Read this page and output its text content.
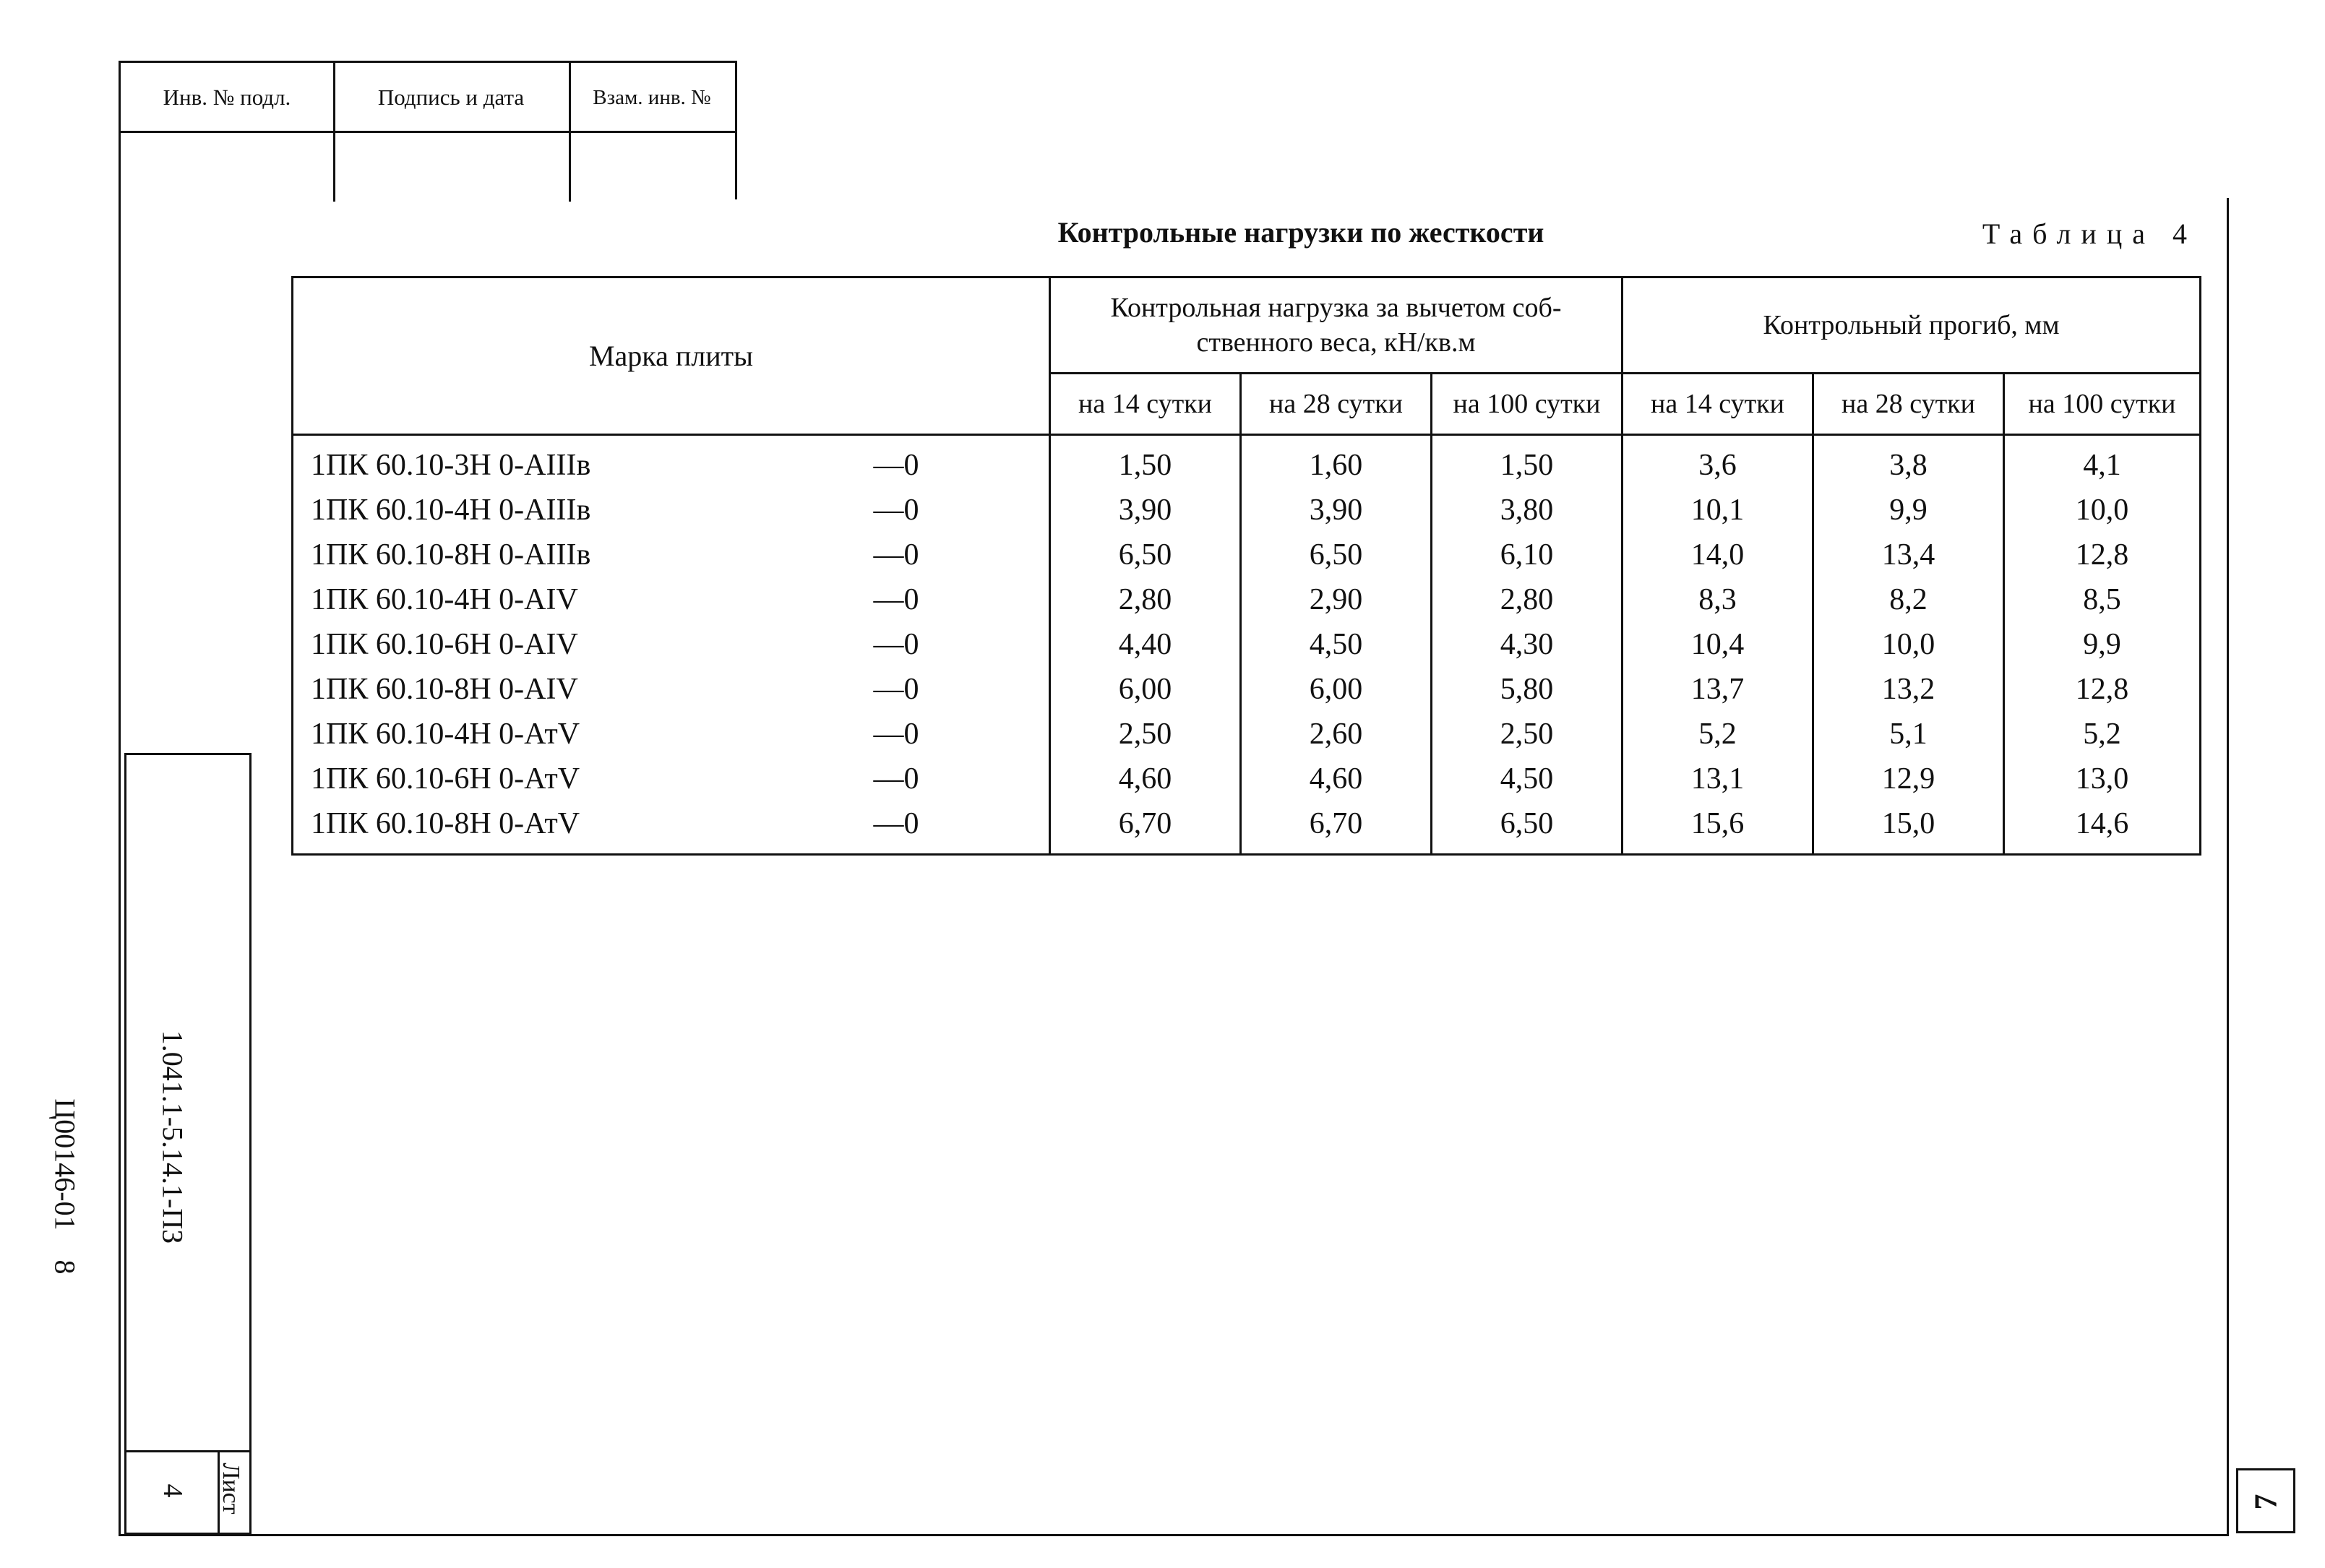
Инв. № подл.	Подпись и дата	Взам. инв. №
1.041.1-5.14.1-ПЗ
4 Лист
Ц00146-01
8
7
Контрольные нагрузки по жесткости	Таблица 4
Марка плиты		Контрольная нагрузка за вычетом соб-
ственного веса, кН/кв.м			Контрольный прогиб, мм		
		на 14 сутки	на 28 сутки	на 100 сутки	на 14 сутки	на 28 сутки	на 100 сутки
1ПК 60.10-3Н 0-АIIIв	—0	1,50	1,60	1,50	3,6	3,8	4,1
1ПК 60.10-4Н 0-АIIIв	—0	3,90	3,90	3,80	10,1	9,9	10,0
1ПК 60.10-8Н 0-АIIIв	—0	6,50	6,50	6,10	14,0	13,4	12,8
1ПК 60.10-4Н 0-АIV	—0	2,80	2,90	2,80	8,3	8,2	8,5
1ПК 60.10-6Н 0-АIV	—0	4,40	4,50	4,30	10,4	10,0	9,9
1ПК 60.10-8Н 0-АIV	—0	6,00	6,00	5,80	13,7	13,2	12,8
1ПК 60.10-4Н 0-АтV	—0	2,50	2,60	2,50	5,2	5,1	5,2
1ПК 60.10-6Н 0-АтV	—0	4,60	4,60	4,50	13,1	12,9	13,0
1ПК 60.10-8Н 0-АтV	—0	6,70	6,70	6,50	15,6	15,0	14,6
